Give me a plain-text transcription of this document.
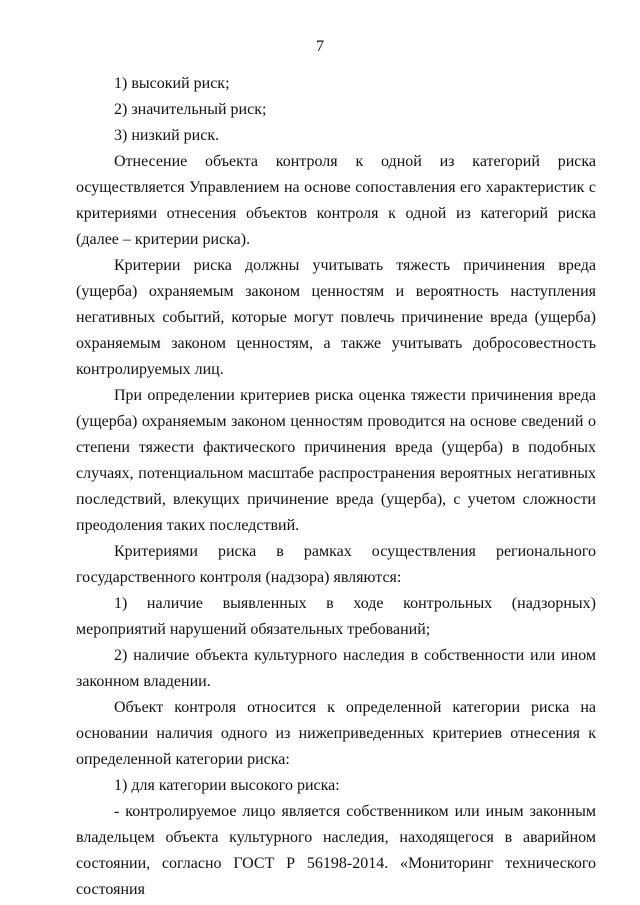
7

1) высокий риск;

2) значительный риск;

3) низкий риск.

Отнесение объекта контроля к одной из категорий риска осуществляется Управлением на основе сопоставления его характеристик с критериями отнесения объектов контроля к одной из категорий риска (далее – критерии риска).

Критерии риска должны учитывать тяжесть причинения вреда (ущерба) охраняемым законом ценностям и вероятность наступления негативных событий, которые могут повлечь причинение вреда (ущерба) охраняемым законом ценностям, а также учитывать добросовестность контролируемых лиц.

При определении критериев риска оценка тяжести причинения вреда (ущерба) охраняемым законом ценностям проводится на основе сведений о степени тяжести фактического причинения вреда (ущерба) в подобных случаях, потенциальном масштабе распространения вероятных негативных последствий, влекущих причинение вреда (ущерба), с учетом сложности преодоления таких последствий.

Критериями риска в рамках осуществления регионального государственного контроля (надзора) являются:

1) наличие выявленных в ходе контрольных (надзорных) мероприятий нарушений обязательных требований;

2) наличие объекта культурного наследия в собственности или ином законном владении.

Объект контроля относится к определенной категории риска на основании наличия одного из нижеприведенных критериев отнесения к определенной категории риска:

1) для категории высокого риска:

- контролируемое лицо является собственником или иным законным владельцем объекта культурного наследия, находящегося в аварийном состоянии, согласно ГОСТ Р 56198-2014. «Мониторинг технического состояния
